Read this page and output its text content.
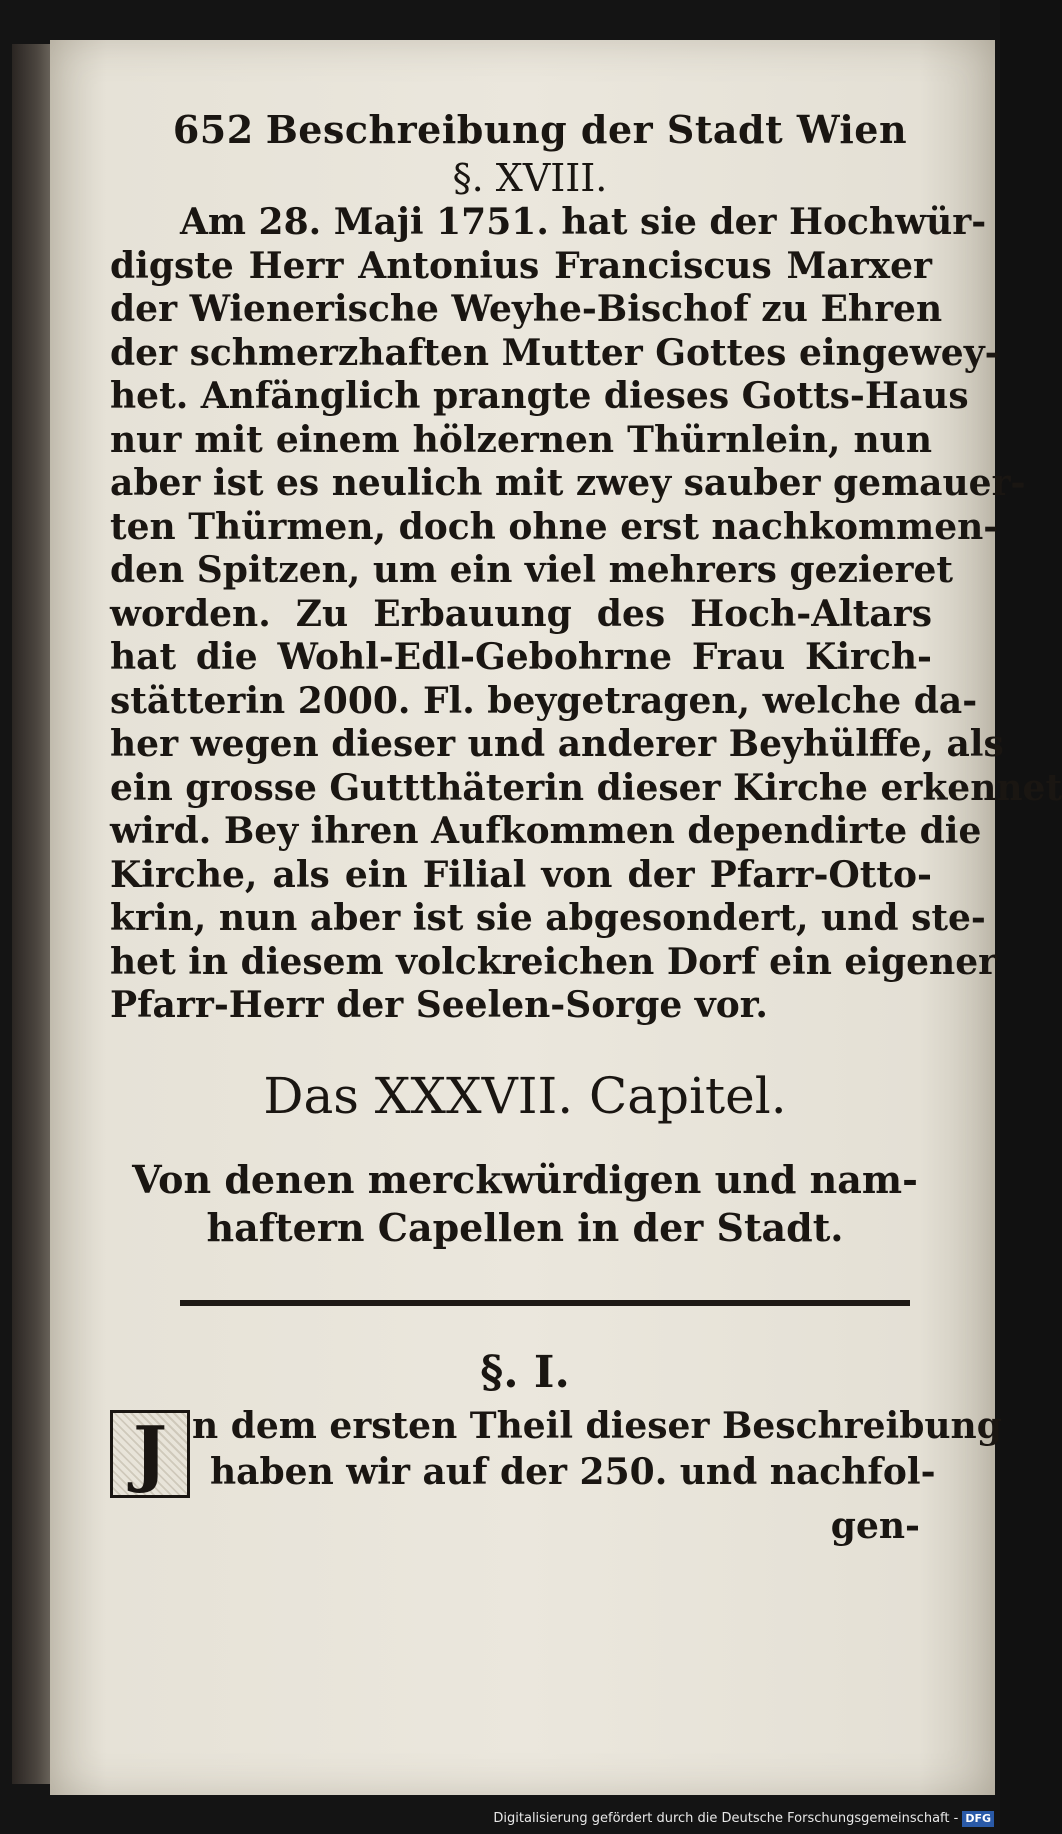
652 Beschreibung der Stadt Wien
§. XVIII.
Am 28. Maji 1751. hat sie der Hochwür-
digste Herr Antonius Franciscus Marxer
der Wienerische Weyhe-Bischof zu Ehren
der schmerzhaften Mutter Gottes eingewey-
het. Anfänglich prangte dieses Gotts-Haus
nur mit einem hölzernen Thürnlein, nun
aber ist es neulich mit zwey sauber gemauer-
ten Thürmen, doch ohne erst nachkommen-
den Spitzen, um ein viel mehrers gezieret
worden. Zu Erbauung des Hoch-Altars
hat die Wohl-Edl-Gebohrne Frau Kirch-
stätterin 2000. Fl. beygetragen, welche da-
her wegen dieser und anderer Beyhülffe, als
ein grosse Guttthäterin dieser Kirche erkennet
wird. Bey ihren Aufkommen dependirte die
Kirche, als ein Filial von der Pfarr-Otto-
krin, nun aber ist sie abgesondert, und ste-
het in diesem volckreichen Dorf ein eigener
Pfarr-Herr der Seelen-Sorge vor.
Das XXXVII. Capitel.
Von denen merckwürdigen und nam-
haftern Capellen in der Stadt.
§. I.
J n dem ersten Theil dieser Beschreibung
haben wir auf der 250. und nachfol-
gen-
Digitalisierung gefördert durch die Deutsche Forschungsgemeinschaft - DFG
